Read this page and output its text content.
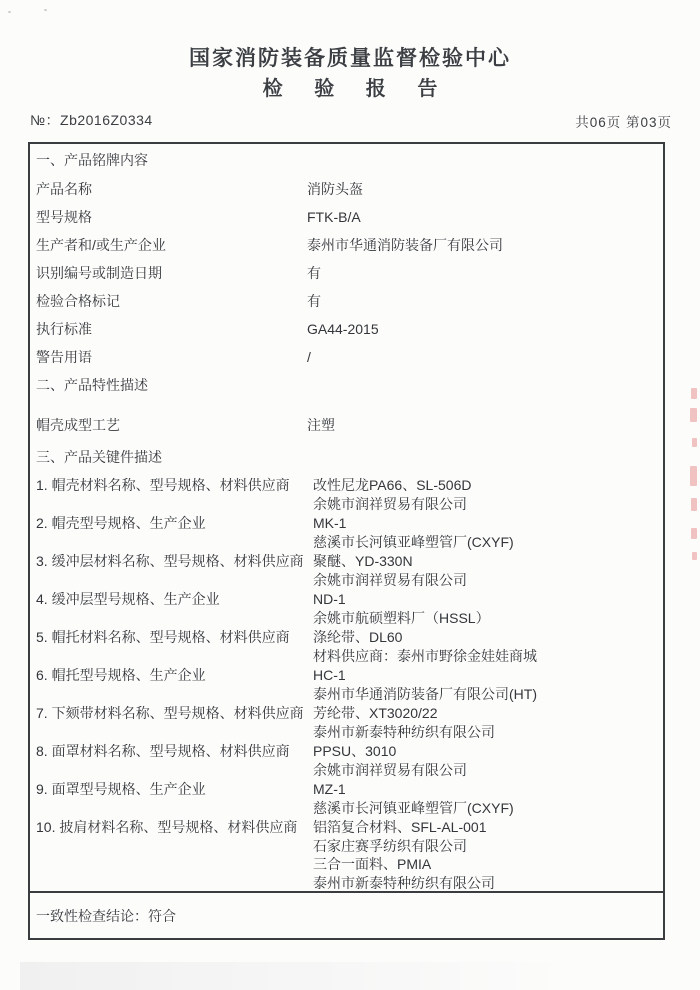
国家消防装备质量监督检验中心
检 验 报 告
№：Zb2016Z0334	共06页 第03页
一、产品铭牌内容
产品名称	消防头盔
型号规格	FTK-B/A
生产者和/或生产企业	泰州市华通消防装备厂有限公司
识别编号或制造日期	有
检验合格标记	有
执行标准	GA44-2015
警告用语	/
二、产品特性描述
帽壳成型工艺	注塑
三、产品关键件描述
1. 帽壳材料名称、型号规格、材料供应商 改性尼龙PA66、SL-506D
余姚市润祥贸易有限公司
2. 帽壳型号规格、生产企业	MK-1
慈溪市长河镇亚峰塑管厂(CXYF)
3. 缓冲层材料名称、型号规格、材料供应商 聚醚、YD-330N
余姚市润祥贸易有限公司
4. 缓冲层型号规格、生产企业	ND-1
余姚市航硕塑料厂（HSSL）
5. 帽托材料名称、型号规格、材料供应商 涤纶带、DL60
材料供应商：泰州市野徐金娃娃商城
6. 帽托型号规格、生产企业	HC-1
泰州市华通消防装备厂有限公司(HT)
7. 下颏带材料名称、型号规格、材料供应商 芳纶带、XT3020/22
泰州市新泰特种纺织有限公司
8. 面罩材料名称、型号规格、材料供应商 PPSU、3010
余姚市润祥贸易有限公司
9. 面罩型号规格、生产企业	MZ-1
慈溪市长河镇亚峰塑管厂(CXYF)
10. 披肩材料名称、型号规格、材料供应商 铝箔复合材料、SFL-AL-001
石家庄赛孚纺织有限公司
三合一面料、PMIA
泰州市新泰特种纺织有限公司
一致性检查结论：符合
